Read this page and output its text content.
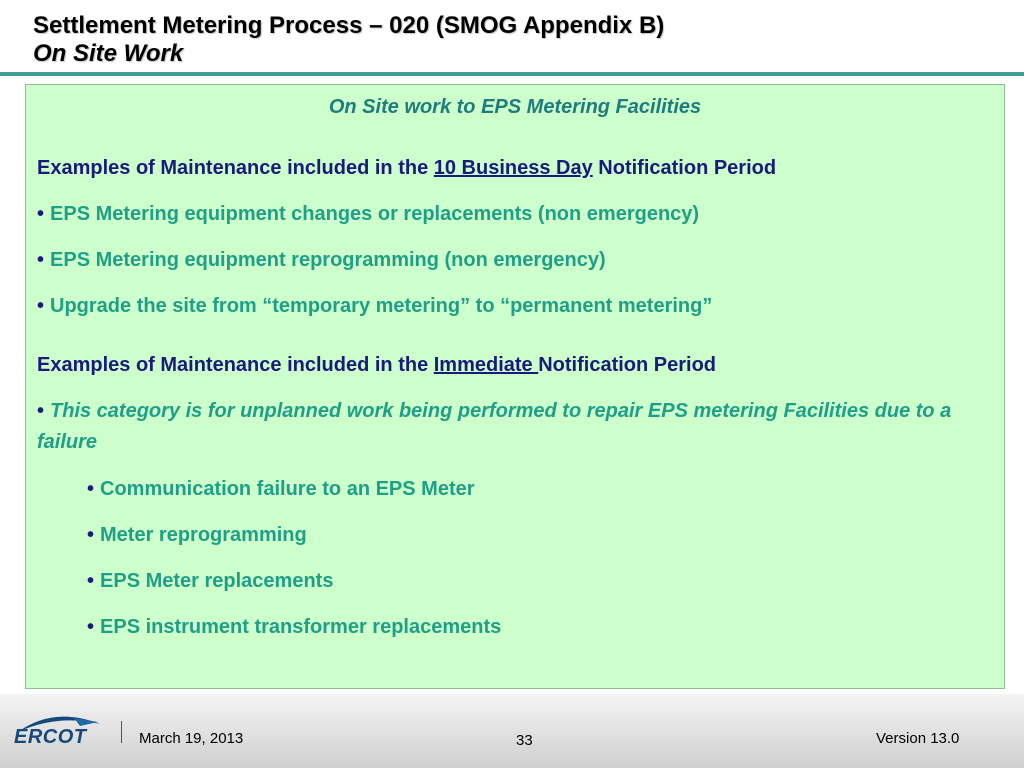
Settlement Metering Process – 020 (SMOG Appendix B)
On Site Work
On Site work to EPS Metering Facilities
Examples of Maintenance included in the 10 Business Day Notification Period
• EPS Metering equipment changes or replacements (non emergency)
• EPS Metering equipment reprogramming (non emergency)
• Upgrade the site from “temporary metering” to “permanent metering”
Examples of Maintenance included in the Immediate Notification Period
• This category is for unplanned work being performed to repair EPS metering Facilities due to a failure
• Communication failure to an EPS Meter
• Meter reprogramming
• EPS Meter replacements
• EPS instrument transformer replacements
ERCOT	March 19, 2013	33	Version 13.0
